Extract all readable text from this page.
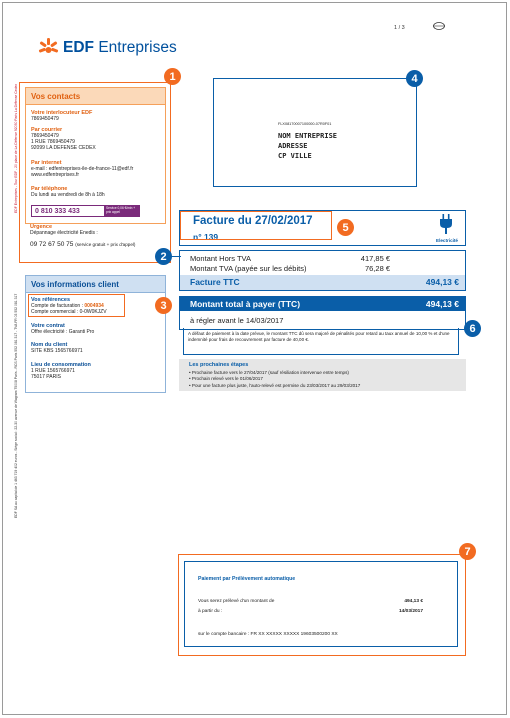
1 / 3
EDF Entreprises
EDF SA au capital de 1 463 719 402 euros - Siège social : 22-30 avenue de Wagram 75008 Paris - RCS Paris 552 081 317 - TVA FR 03 552 081 317
EDF Entreprises - Tour EDF - 20 place de La Défense 92050 Paris La Défense Cedex
1
Vos contacts
Votre interlocuteur EDF
7869450479
Par courrier
7869450479
1 RUE 7869450479
92099 LA DEFENSE CEDEX
Par internet
e-mail : edfentreprises-ile-de-france-11@edf.fr
www.edfentreprises.fr
Par téléphone
Du lundi au vendredi de 8h à 18h
0 810 333 433	Service 0,06 €/min + prix appel
Urgence
Dépannage électricité Enedis :
09 72 67 50 75 (service gratuit + prix d'appel)
2
Vos informations client
Vos références
Compte de facturation : 0004934
Compte commercial : 0-0W0KJZV
Votre contrat
Offre électricité : Garanti Pro
Nom du client
SITE KBS 1565766971
Lieu de consommation
1 RUE 1565766971
75017 PARIS
3
FLX08170007100000-07R0F01
NOM ENTREPRISE
ADRESSE
CP VILLE
4
Facture du 27/02/2017
n° 139	Electricité
5
Montant Hors TVA	417,85 €
Montant TVA (payée sur les débits)	76,28 €
Facture TTC	494,13 €
Montant total à payer (TTC)	494,13 €
à régler avant le 14/03/2017
A défaut de paiement à la date prévue, le montant TTC dû sera majoré de pénalités pour retard au taux annuel de 10,00 % et d'une indemnité pour frais de recouvrement par facture de 40,00 €.
6
Les prochaines étapes
• Prochaine facture vers le 27/04/2017 (sauf résiliation intervenue entre temps)
• Prochain relevé vers le 01/06/2017
• Pour une facture plus juste, l'auto-relevé est permise du 23/03/2017 au 29/03/2017
Paiement par Prélèvement automatique
Vous serez prélevé d'un montant de	494,13 €
à partir du :	14/03/2017
sur le compte bancaire : FR XX XXXXX XXXXX 19603500200 XX
7
